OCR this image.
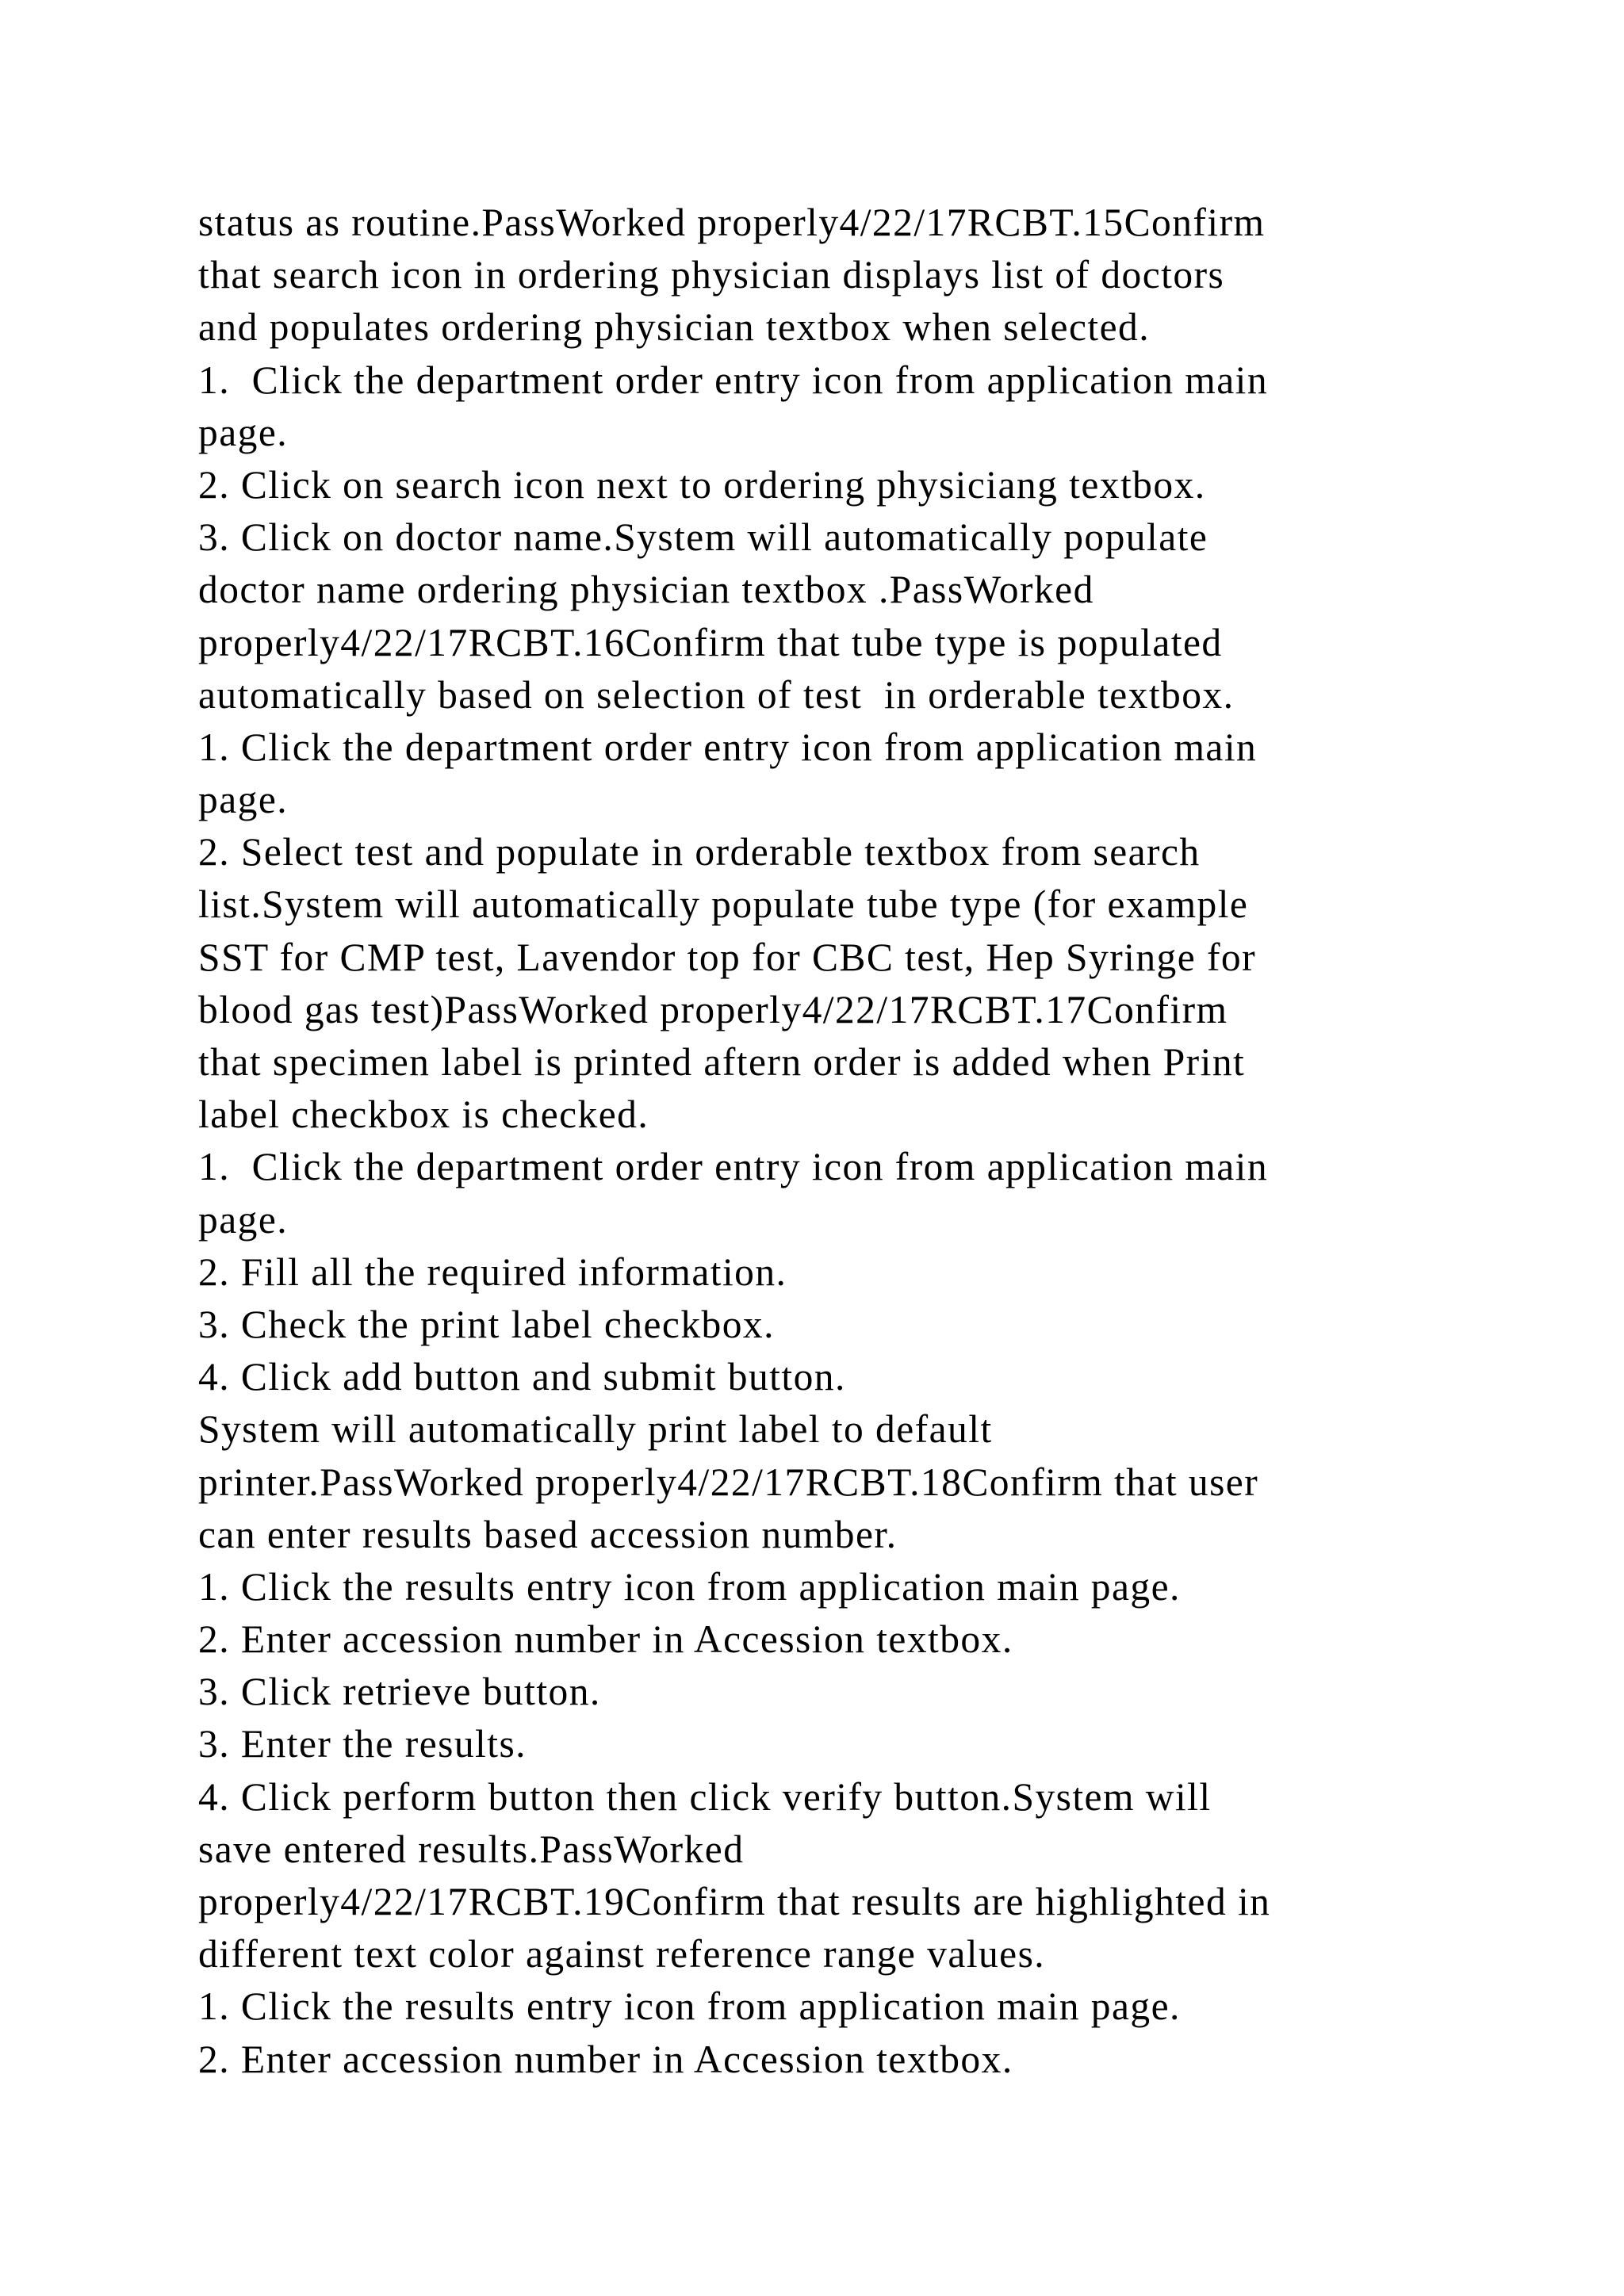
status as routine.PassWorked properly4/22/17RCBT.15Confirm
that search icon in ordering physician displays list of doctors
and populates ordering physician textbox when selected.
1.  Click the department order entry icon from application main
page.
2. Click on search icon next to ordering physiciang textbox.
3. Click on doctor name.System will automatically populate
doctor name ordering physician textbox .PassWorked
properly4/22/17RCBT.16Confirm that tube type is populated
automatically based on selection of test  in orderable textbox.
1. Click the department order entry icon from application main
page.
2. Select test and populate in orderable textbox from search
list.System will automatically populate tube type (for example
SST for CMP test, Lavendor top for CBC test, Hep Syringe for
blood gas test)PassWorked properly4/22/17RCBT.17Confirm
that specimen label is printed aftern order is added when Print
label checkbox is checked.
1.  Click the department order entry icon from application main
page.
2. Fill all the required information.
3. Check the print label checkbox.
4. Click add button and submit button.
System will automatically print label to default
printer.PassWorked properly4/22/17RCBT.18Confirm that user
can enter results based accession number.
1. Click the results entry icon from application main page.
2. Enter accession number in Accession textbox.
3. Click retrieve button.
3. Enter the results.
4. Click perform button then click verify button.System will
save entered results.PassWorked
properly4/22/17RCBT.19Confirm that results are highlighted in
different text color against reference range values.
1. Click the results entry icon from application main page.
2. Enter accession number in Accession textbox.
